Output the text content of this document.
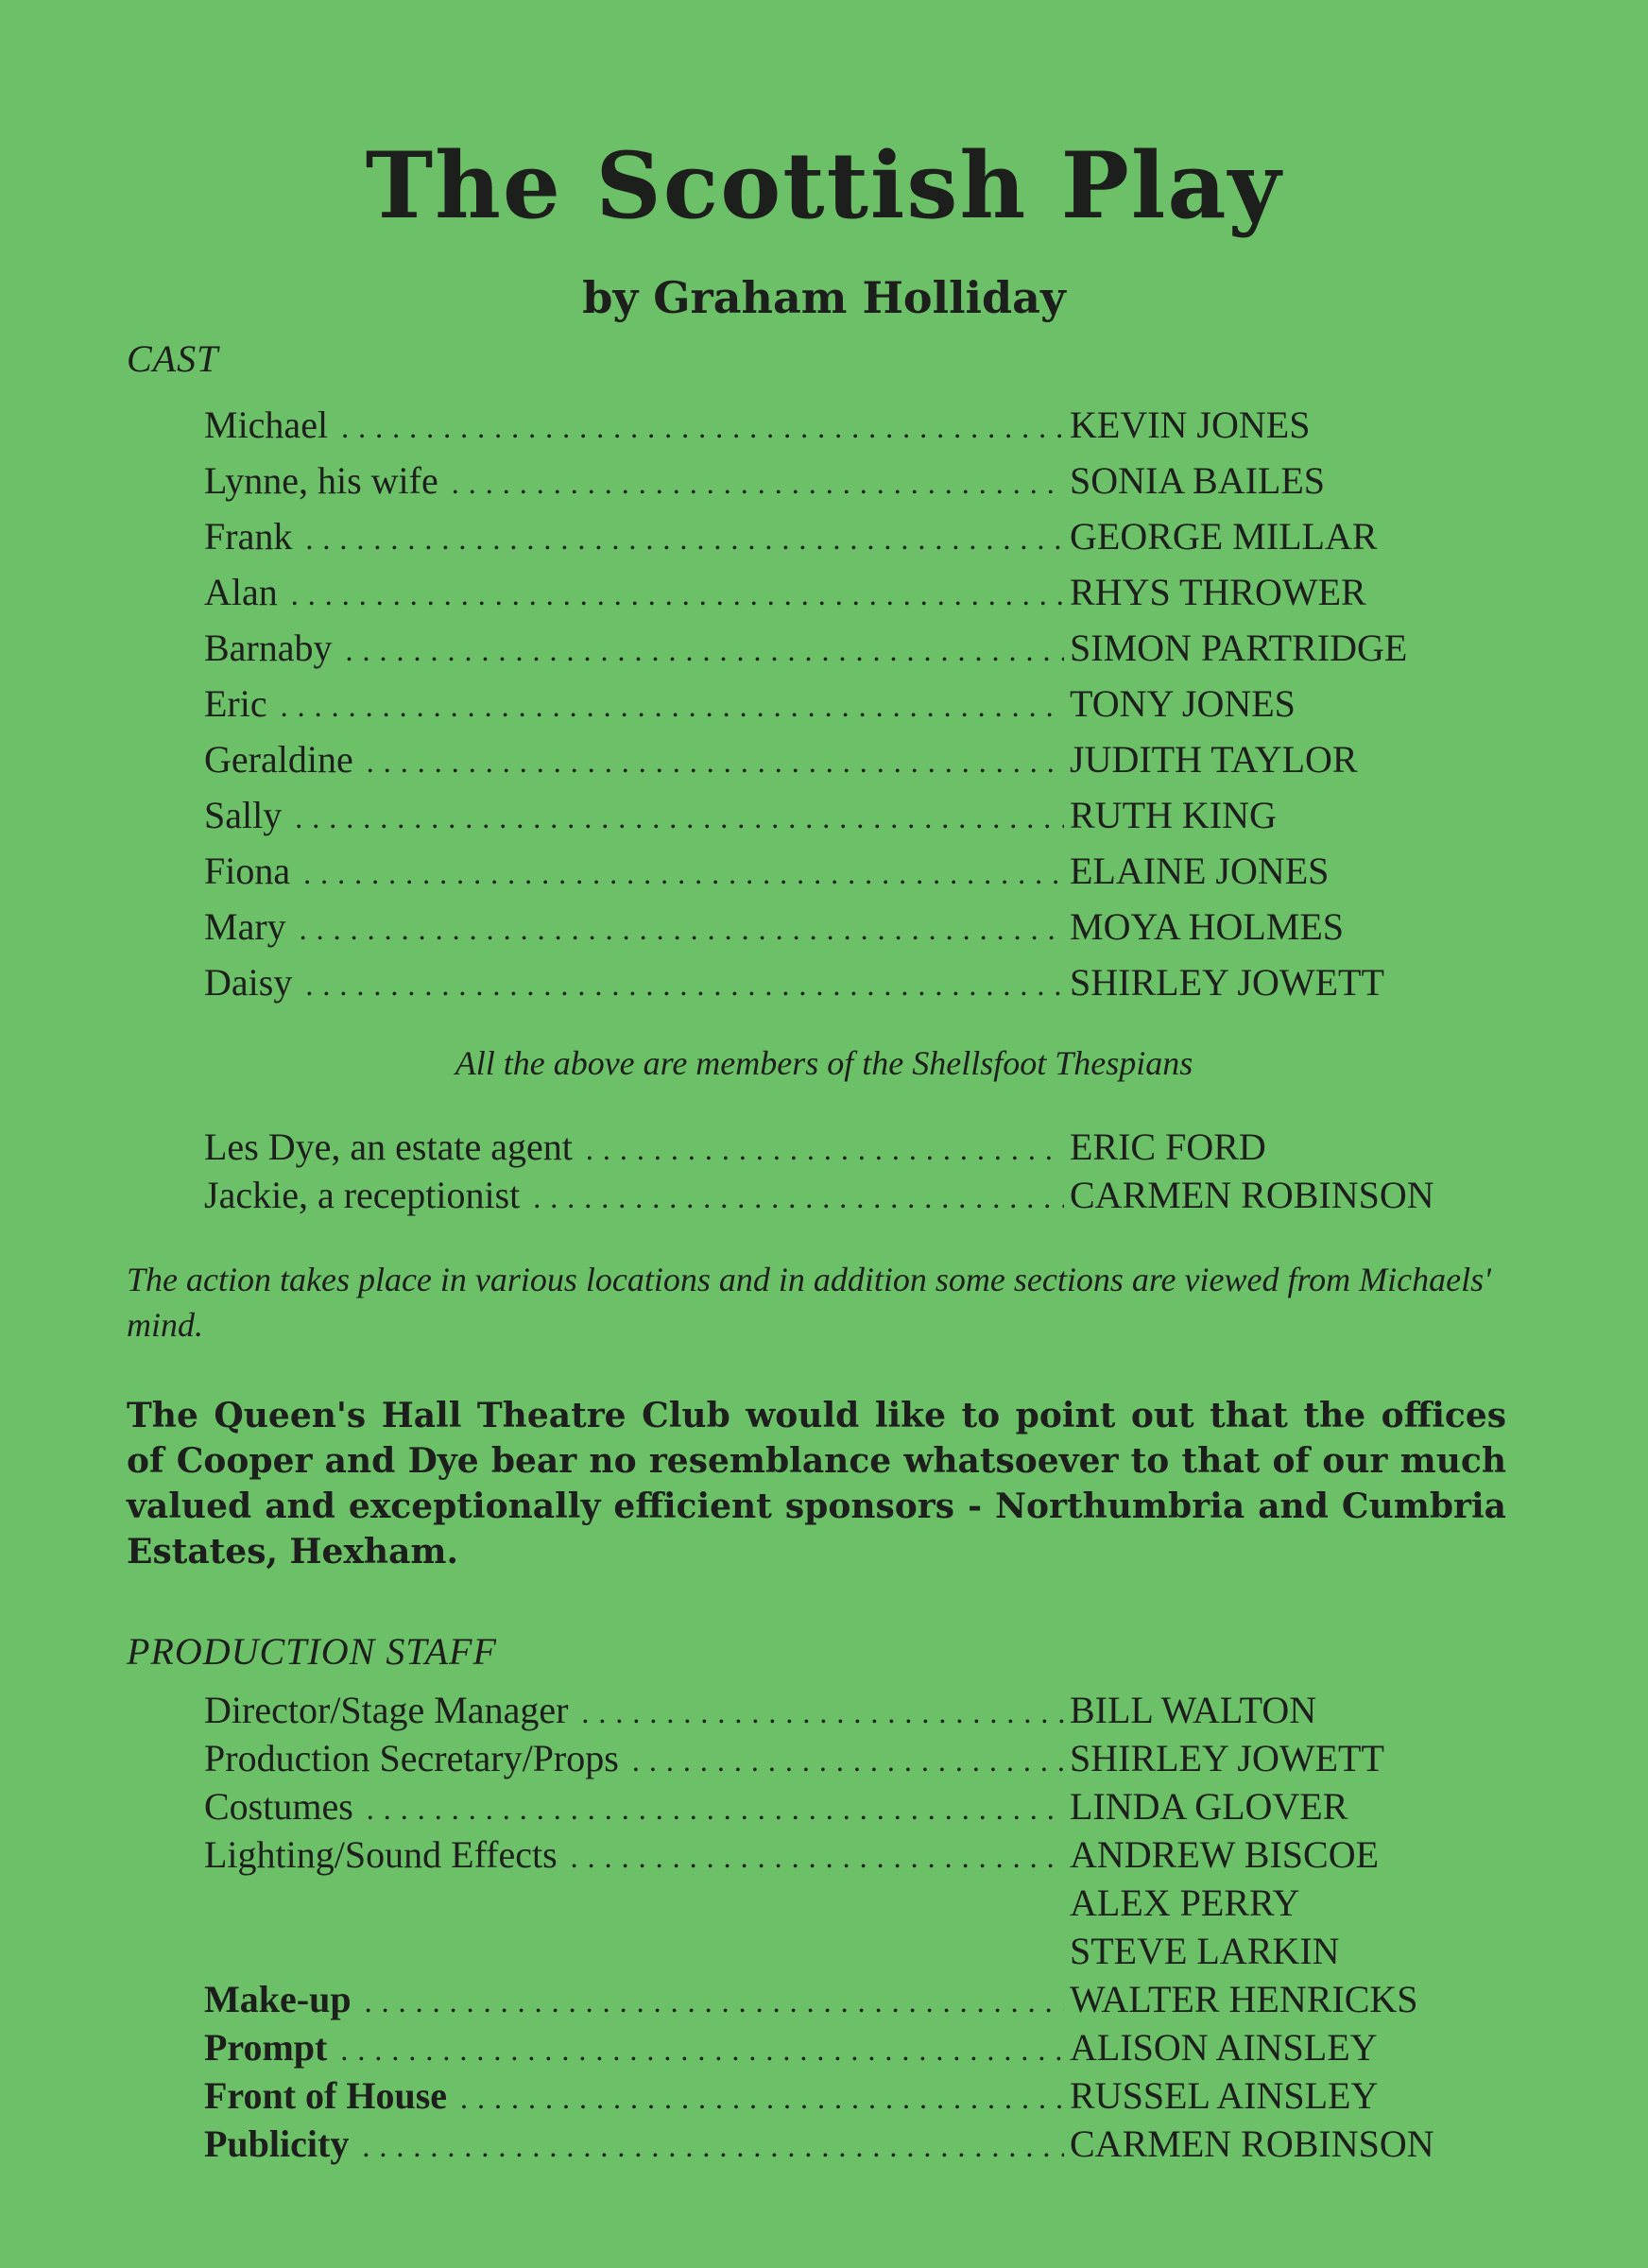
The Scottish Play
by Graham Holliday
CAST
Michael .....	KEVIN JONES
Lynne, his wife .....	SONIA BAILES
Frank .....	GEORGE MILLAR
Alan .....	RHYS THROWER
Barnaby .....	SIMON PARTRIDGE
Eric .....	TONY JONES
Geraldine .....	JUDITH TAYLOR
Sally .....	RUTH KING
Fiona .....	ELAINE JONES
Mary .....	MOYA HOLMES
Daisy .....	SHIRLEY JOWETT
All the above are members of the Shellsfoot Thespians
Les Dye, an estate agent .....	ERIC FORD
Jackie, a receptionist .....	CARMEN ROBINSON
The action takes place in various locations and in addition some sections are viewed from Michaels' mind.
The Queen's Hall Theatre Club would like to point out that the offices of Cooper and Dye bear no resemblance whatsoever to that of our much valued and exceptionally efficient sponsors - Northumbria and Cumbria Estates, Hexham.
PRODUCTION STAFF
Director/Stage Manager .....	BILL WALTON
Production Secretary/Props .....	SHIRLEY JOWETT
Costumes .....	LINDA GLOVER
Lighting/Sound Effects .....	ANDREW BISCOE
ALEX PERRY
STEVE LARKIN
Make-up .....	WALTER HENRICKS
Prompt .....	ALISON AINSLEY
Front of House .....	RUSSEL AINSLEY
Publicity .....	CARMEN ROBINSON
